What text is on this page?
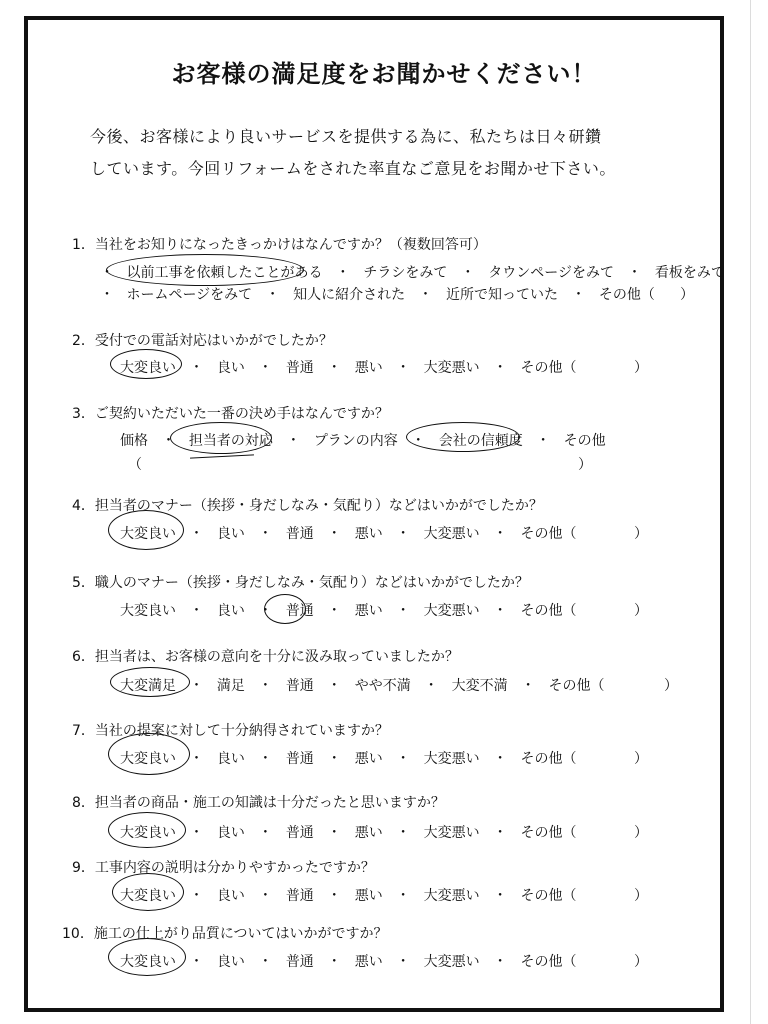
お客様の満足度をお聞かせください！
今後、お客様により良いサービスを提供する為に、私たちは日々研鑽
しています。今回リフォームをされた率直なご意見をお聞かせ下さい。
1．当社をお知りになったきっかけはなんですか？（複数回答可）
・ 以前工事を依頼したことがある ・ チラシをみて ・ タウンページをみて ・ 看板をみて
・ ホームページをみて ・ 知人に紹介された ・ 近所で知っていた ・ その他（ ）
2．受付での電話対応はいかがでしたか？
大変良い ・ 良い ・ 普通 ・ 悪い ・ 大変悪い ・ その他（	）
3．ご契約いただいた一番の決め手はなんですか？
価格 ・ 担当者の対応 ・ プランの内容 ・ 会社の信頼度 ・ その他
（	）
4．担当者のマナー（挨拶・身だしなみ・気配り）などはいかがでしたか？
大変良い ・ 良い ・ 普通 ・ 悪い ・ 大変悪い ・ その他（	）
5．職人のマナー（挨拶・身だしなみ・気配り）などはいかがでしたか？
大変良い ・ 良い ・ 普通 ・ 悪い ・ 大変悪い ・ その他（	）
6．担当者は、お客様の意向を十分に汲み取っていましたか？
大変満足 ・ 満足 ・ 普通 ・ やや不満 ・ 大変不満 ・ その他（	）
7．当社の提案に対して十分納得されていますか？
大変良い ・ 良い ・ 普通 ・ 悪い ・ 大変悪い ・ その他（	）
8．担当者の商品・施工の知識は十分だったと思いますか？
大変良い ・ 良い ・ 普通 ・ 悪い ・ 大変悪い ・ その他（	）
9．工事内容の説明は分かりやすかったですか？
大変良い ・ 良い ・ 普通 ・ 悪い ・ 大変悪い ・ その他（	）
10．施工の仕上がり品質についてはいかがですか？
大変良い ・ 良い ・ 普通 ・ 悪い ・ 大変悪い ・ その他（	）
